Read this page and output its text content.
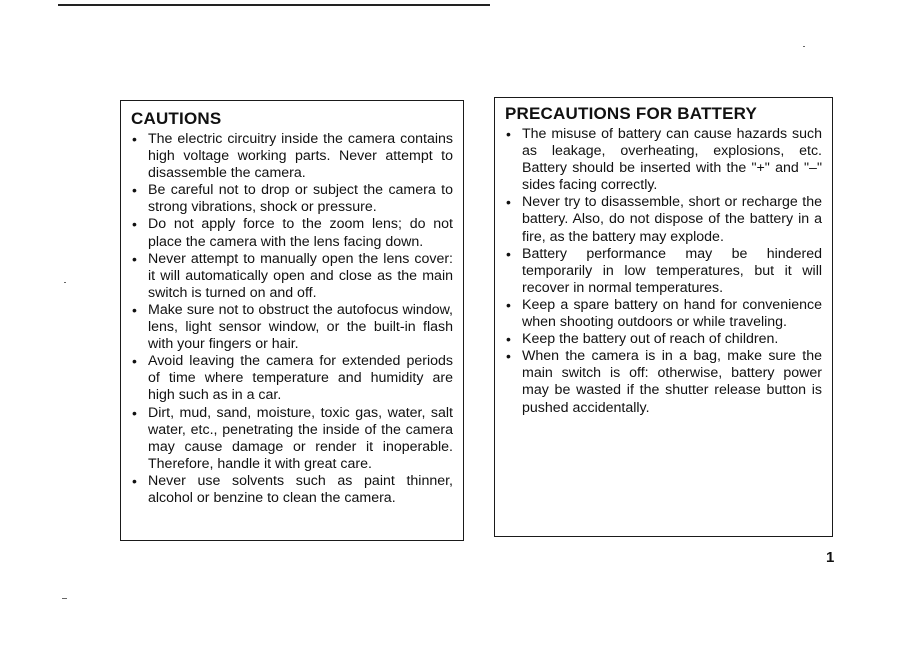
CAUTIONS
• The electric circuitry inside the camera contains high voltage working parts. Never attempt to disassemble the camera.
• Be careful not to drop or subject the camera to strong vibrations, shock or pressure.
• Do not apply force to the zoom lens; do not place the camera with the lens facing down.
• Never attempt to manually open the lens cover: it will automatically open and close as the main switch is turned on and off.
• Make sure not to obstruct the autofocus window, lens, light sensor window, or the built-in flash with your fingers or hair.
• Avoid leaving the camera for extended periods of time where temperature and humidity are high such as in a car.
• Dirt, mud, sand, moisture, toxic gas, water, salt water, etc., penetrating the inside of the camera may cause damage or render it inoperable. Therefore, handle it with great care.
• Never use solvents such as paint thinner, alcohol or benzine to clean the camera.
PRECAUTIONS FOR BATTERY
• The misuse of battery can cause hazards such as leakage, overheating, explosions, etc. Battery should be inserted with the "+" and "–" sides facing correctly.
• Never try to disassemble, short or recharge the battery. Also, do not dispose of the battery in a fire, as the battery may explode.
• Battery performance may be hindered temporarily in low temperatures, but it will recover in normal temperatures.
• Keep a spare battery on hand for convenience when shooting outdoors or while traveling.
• Keep the battery out of reach of children.
• When the camera is in a bag, make sure the main switch is off: otherwise, battery power may be wasted if the shutter release button is pushed accidentally.
1
